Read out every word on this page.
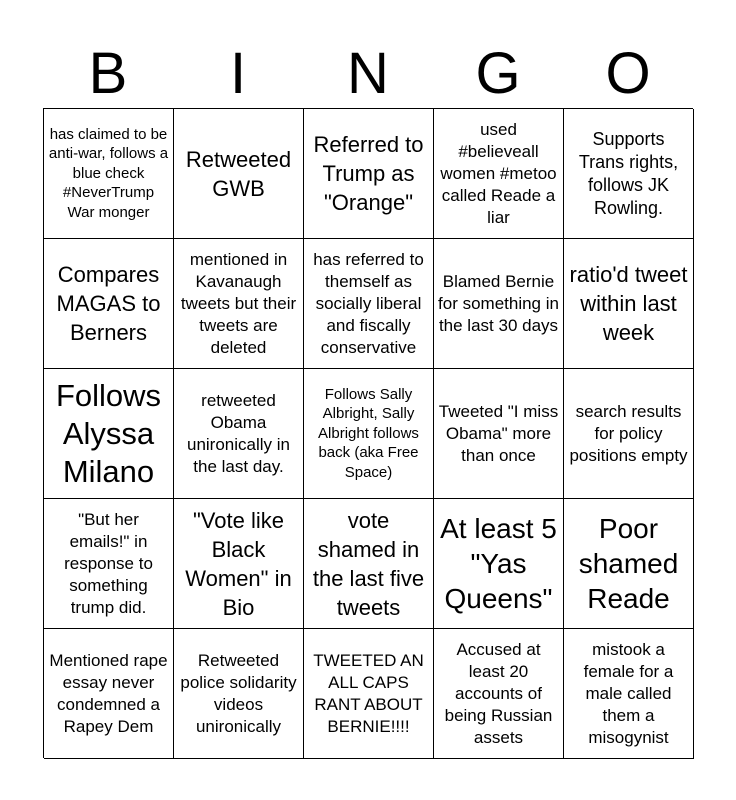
B	I	N	G	O
has claimed to be anti-war, follows a blue check #NeverTrump War monger
Retweeted GWB
Referred to Trump as "Orange"
used #believeall women #metoo called Reade a liar
Supports Trans rights, follows JK Rowling.
Compares MAGAS to Berners
mentioned in Kavanaugh tweets but their tweets are deleted
has referred to themself as socially liberal and fiscally conservative
Blamed Bernie for something in the last 30 days
ratio'd tweet within last week
Follows Alyssa Milano
retweeted Obama unironically in the last day.
Follows Sally Albright, Sally Albright follows back (aka Free Space)
Tweeted "I miss Obama" more than once
search results for policy positions empty
"But her emails!" in response to something trump did.
"Vote like Black Women" in Bio
vote shamed in the last five tweets
At least 5 "Yas Queens"
Poor shamed Reade
Mentioned rape essay never condemned a Rapey Dem
Retweeted police solidarity videos unironically
TWEETED AN ALL CAPS RANT ABOUT BERNIE!!!!
Accused at least 20 accounts of being Russian assets
mistook a female for a male called them a misogynist
